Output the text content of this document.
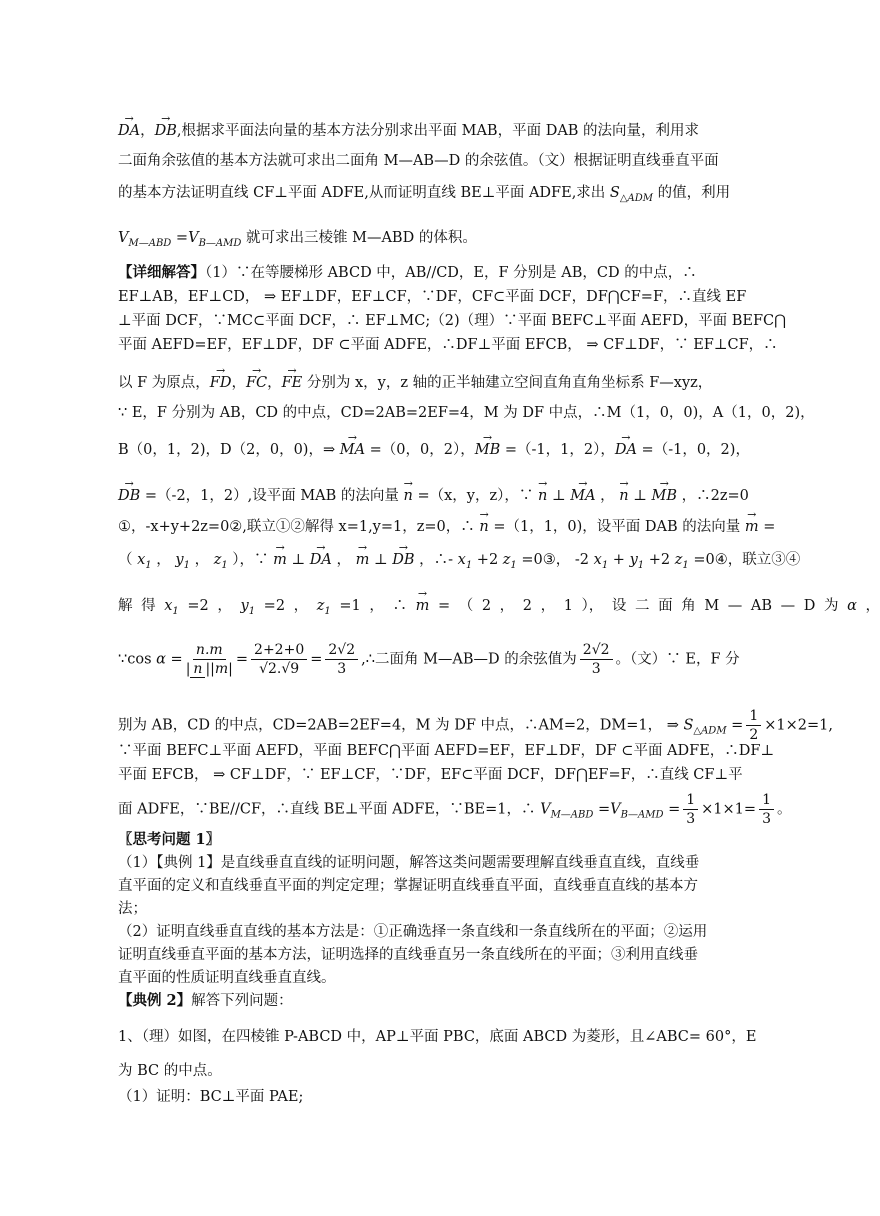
→ DA，→ DB,根据求平面法向量的基本方法分别求出平面 MAB，平面 DAB 的法向量，利用求
二面角余弦值的基本方法就可求出二面角 M—AB—D 的余弦值。（文）根据证明直线垂直平面
的基本方法证明直线 CF⊥平面 ADFE,从而证明直线 BE⊥平面 ADFE,求出 $S_{\triangle ADM}$ 的值，利用
$V_{M—ABD} =V_{B—AMD}$ 就可求出三棱锥 M—ABD 的体积。
【详细解答】（1）∵在等腰梯形 ABCD 中，AB//CD，E，F 分别是 AB，CD 的中点，∴
EF⊥AB，EF⊥CD， ⇒ EF⊥DF，EF⊥CF，∵DF，CF⊂平面 DCF，DF⋂CF=F，∴直线 EF
⊥平面 DCF，∵MC⊂平面 DCF，∴ EF⊥MC;（2)（理）∵平面 BEFC⊥平面 AEFD，平面 BEFC⋂
平面 AEFD=EF，EF⊥DF，DF ⊂平面 ADFE，∴DF⊥平面 EFCB， ⇒ CF⊥DF，∵ EF⊥CF，∴
以 F 为原点，→ FD，→ FC，→ FE 分别为 x，y，z 轴的正半轴建立空间直角直角坐标系 F—xyz，
∵ E，F 分别为 AB，CD 的中点，CD=2AB=2EF=4，M 为 DF 中点，∴M（1，0，0)，A（1，0，2)，
B（0，1，2)，D（2，0，0)，⇒ → MA =（0，0，2），→ MB =（-1，1，2），→ DA =（-1，0，2)，
→ DB =（-2，1，2）,设平面 MAB 的法向量 → n =（x，y，z），∵ → n ⊥ → MA ， → n ⊥ → MB ，∴2z=0
①，-x+y+2z=0②,联立①②解得 x=1,y=1，z=0，∴ → n =（1，1，0)，设平面 DAB 的法向量 → m =
（ $x_1$ ， $y_1$ ， $z_1$ ），∵ → m ⊥ → DA ， → m ⊥ → DB ，∴- $x_1 +2$ $z_1$ =0③， -2 $x_1 + y_1 +2$ $z_1$ =0④，联立③④
解 得 $x_1 =2$ ， $y_1 =2$ ， $z_1 =1$ ， ∴ → m = （ 2 ， 2 ， 1 ）， 设 二 面 角 M — AB — D 为 α ，
∵cos $\alpha = \frac{n.m}{| n ||m|} = \frac{2+2+0}{√2.√9} = \frac{2√2}{3}$ ,∴二面角 M—AB—D 的余弦值为 $\frac{2√2}{3}$ 。（文）∵ E，F 分
别为 AB，CD 的中点，CD=2AB=2EF=4，M 为 DF 中点，∴AM=2，DM=1， ⇒ $S_{\triangle ADM} = \frac{1}{2} \times 1\times 2=1$,
∵平面 BEFC⊥平面 AEFD，平面 BEFC⋂平面 AEFD=EF，EF⊥DF，DF ⊂平面 ADFE，∴DF⊥
平面 EFCB， ⇒ CF⊥DF，∵ EF⊥CF，∵DF，EF⊂平面 DCF，DF⋂EF=F，∴直线 CF⊥平
面 ADFE，∵BE//CF，∴直线 BE⊥平面 ADFE，∵BE=1，∴ $V_{M—ABD} =V_{B—AMD} = \frac{1}{3} \times 1\times 1= \frac{1}{3}$ 。
〖思考问题 1〗
（1）【典例 1】是直线垂直直线的证明问题，解答这类问题需要理解直线垂直直线，直线垂
直平面的定义和直线垂直平面的判定定理；掌握证明直线垂直平面，直线垂直直线的基本方
法；
（2）证明直线垂直直线的基本方法是：①正确选择一条直线和一条直线所在的平面；②运用
证明直线垂直平面的基本方法，证明选择的直线垂直另一条直线所在的平面；③利用直线垂
直平面的性质证明直线垂直直线。
【典例 2】解答下列问题：
1、（理）如图，在四棱锥 P-ABCD 中，AP⊥平面 PBC，底面 ABCD 为菱形，且∠ABC= 60°，E
为 BC 的中点。
（1）证明：BC⊥平面 PAE;
